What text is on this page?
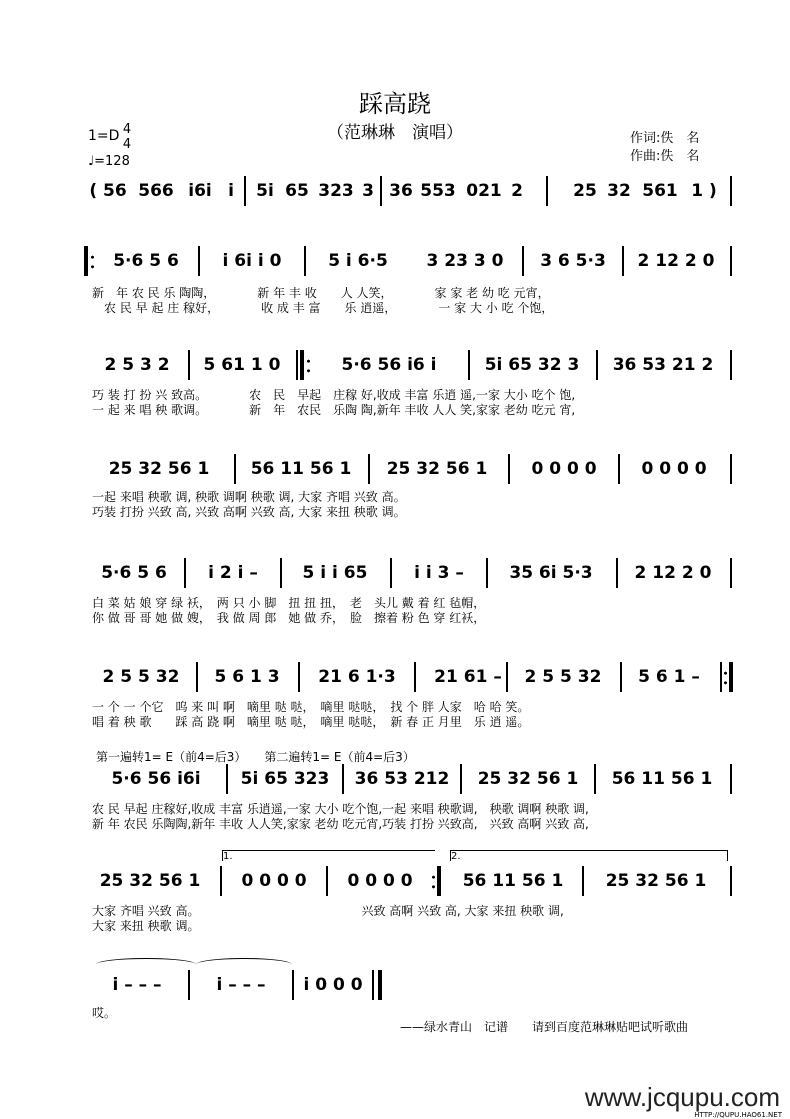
踩高跷
（范琳琳　演唱）
1=D 4
4
♩=128
作词:佚　名
作曲:佚　名
( 56 566 i6i i	5i 65 323 3 36 553 021 2	25 32 561 1 )
5·6 5 6	i 6i i 0	5 i 6·5	3 23 3 0	3 6 5·3	2 12 2 0
新　年 农 民 乐 陶陶，　　　　新 年 丰 收　　人 人笑，　　　　家 家 老 幼 吃 元宵，
　农 民 早 起 庄 稼好，　　　　收 成 丰 富　　乐 逍遥，　　　　一 家 大 小 吃 个饱，
2 5 3 2	5 61 1 0	5·6 56 i6 i	5i 65 32 3	36 53 21 2
巧 装 打 扮 兴 致高。　　　　农　民　早起　庄稼 好,收成 丰富 乐逍 遥,一家 大小 吃个 饱,
一 起 来 唱 秧 歌调。　　　　新　年　农民　乐陶 陶,新年 丰收 人人 笑,家家 老幼 吃元 宵,
25 32 56 1	56 11 56 1	25 32 56 1	0 0 0 0	0 0 0 0
一起 来唱 秧歌 调, 秧歌 调啊 秧歌 调, 大家 齐唱 兴致 高。
巧装 打扮 兴致 高, 兴致 高啊 兴致 高, 大家 来扭 秧歌 调。
5·6 5 6	i 2 i –	5 i i 65	i i 3 –	35 6i 5·3	2 12 2 0
白 菜 姑 娘 穿 绿 袄，　两 只 小 脚　扭 扭 扭，　老　头儿 戴 着 红 毡帽，
你 做 哥 哥 她 做 嫂，　我 做 周 郎　她 做 乔，　脸　擦着 粉 色 穿 红袄，
2 5 5 32	5 6 1 3	21 6 1·3	21 61 –	2 5 5 32	5 6 1 –
一 个 一 个它　呜 来 叫 啊　嘀里 哒 哒，　嘀里 哒哒，　找 个 胖 人家　哈 哈 笑。
唱 着 秧 歌　　踩 高 跷 啊　嘀里 哒 哒，　嘀里 哒哒，　新 春 正 月里　乐 逍 遥。
第一遍转1= E（前4=后3）　　第二遍转1= E（前4=后3）
5·6 56 i6i	5i 65 323	36 53 212	25 32 56 1	56 11 56 1
农 民 早起 庄稼好,收成 丰富 乐逍遥,一家 大小 吃个饱,一起 来唱 秧歌调,　秧歌 调啊 秧歌 调,
新 年 农民 乐陶陶,新年 丰收 人人笑,家家 老幼 吃元宵,巧装 打扮 兴致高,　兴致 高啊 兴致 高,
1.	2.
25 32 56 1	0 0 0 0	0 0 0 0	56 11 56 1	25 32 56 1
大家 齐唱 兴致 高。　　　　　　　　　　　　　　兴致 高啊 兴致 高, 大家 来扭 秧歌 调,
大家 来扭 秧歌 调。
i – – –	i – – –	i 0 0 0
哎。
——绿水青山　记谱　　请到百度范琳琳贴吧试听歌曲
www.jcqupu.com
HTTP://QUPU.HAO61.NET
